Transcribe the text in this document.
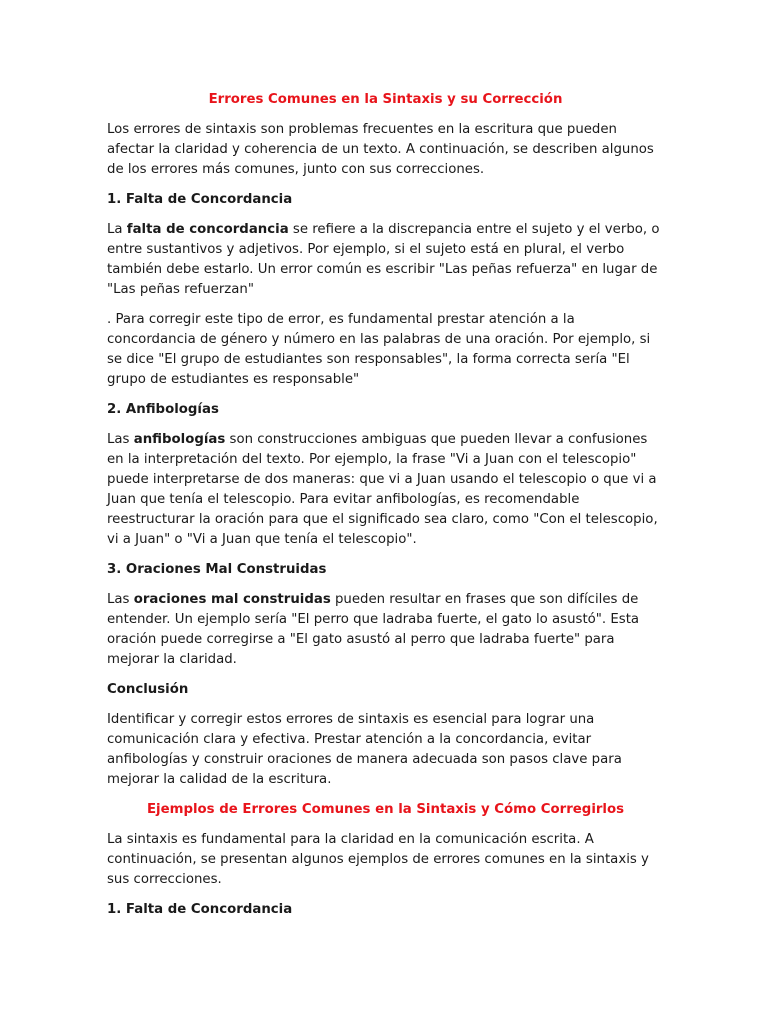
Errores Comunes en la Sintaxis y su Corrección

Los errores de sintaxis son problemas frecuentes en la escritura que pueden afectar la claridad y coherencia de un texto. A continuación, se describen algunos de los errores más comunes, junto con sus correcciones.

1. Falta de Concordancia

La falta de concordancia se refiere a la discrepancia entre el sujeto y el verbo, o entre sustantivos y adjetivos. Por ejemplo, si el sujeto está en plural, el verbo también debe estarlo. Un error común es escribir "Las peñas refuerza" en lugar de "Las peñas refuerzan"

. Para corregir este tipo de error, es fundamental prestar atención a la concordancia de género y número en las palabras de una oración. Por ejemplo, si se dice "El grupo de estudiantes son responsables", la forma correcta sería "El grupo de estudiantes es responsable"

2. Anfibologías

Las anfibologías son construcciones ambiguas que pueden llevar a confusiones en la interpretación del texto. Por ejemplo, la frase "Vi a Juan con el telescopio" puede interpretarse de dos maneras: que vi a Juan usando el telescopio o que vi a Juan que tenía el telescopio. Para evitar anfibologías, es recomendable reestructurar la oración para que el significado sea claro, como "Con el telescopio, vi a Juan" o "Vi a Juan que tenía el telescopio".

3. Oraciones Mal Construidas

Las oraciones mal construidas pueden resultar en frases que son difíciles de entender. Un ejemplo sería "El perro que ladraba fuerte, el gato lo asustó". Esta oración puede corregirse a "El gato asustó al perro que ladraba fuerte" para mejorar la claridad.

Conclusión

Identificar y corregir estos errores de sintaxis es esencial para lograr una comunicación clara y efectiva. Prestar atención a la concordancia, evitar anfibologías y construir oraciones de manera adecuada son pasos clave para mejorar la calidad de la escritura.

Ejemplos de Errores Comunes en la Sintaxis y Cómo Corregirlos

La sintaxis es fundamental para la claridad en la comunicación escrita. A continuación, se presentan algunos ejemplos de errores comunes en la sintaxis y sus correcciones.

1. Falta de Concordancia
